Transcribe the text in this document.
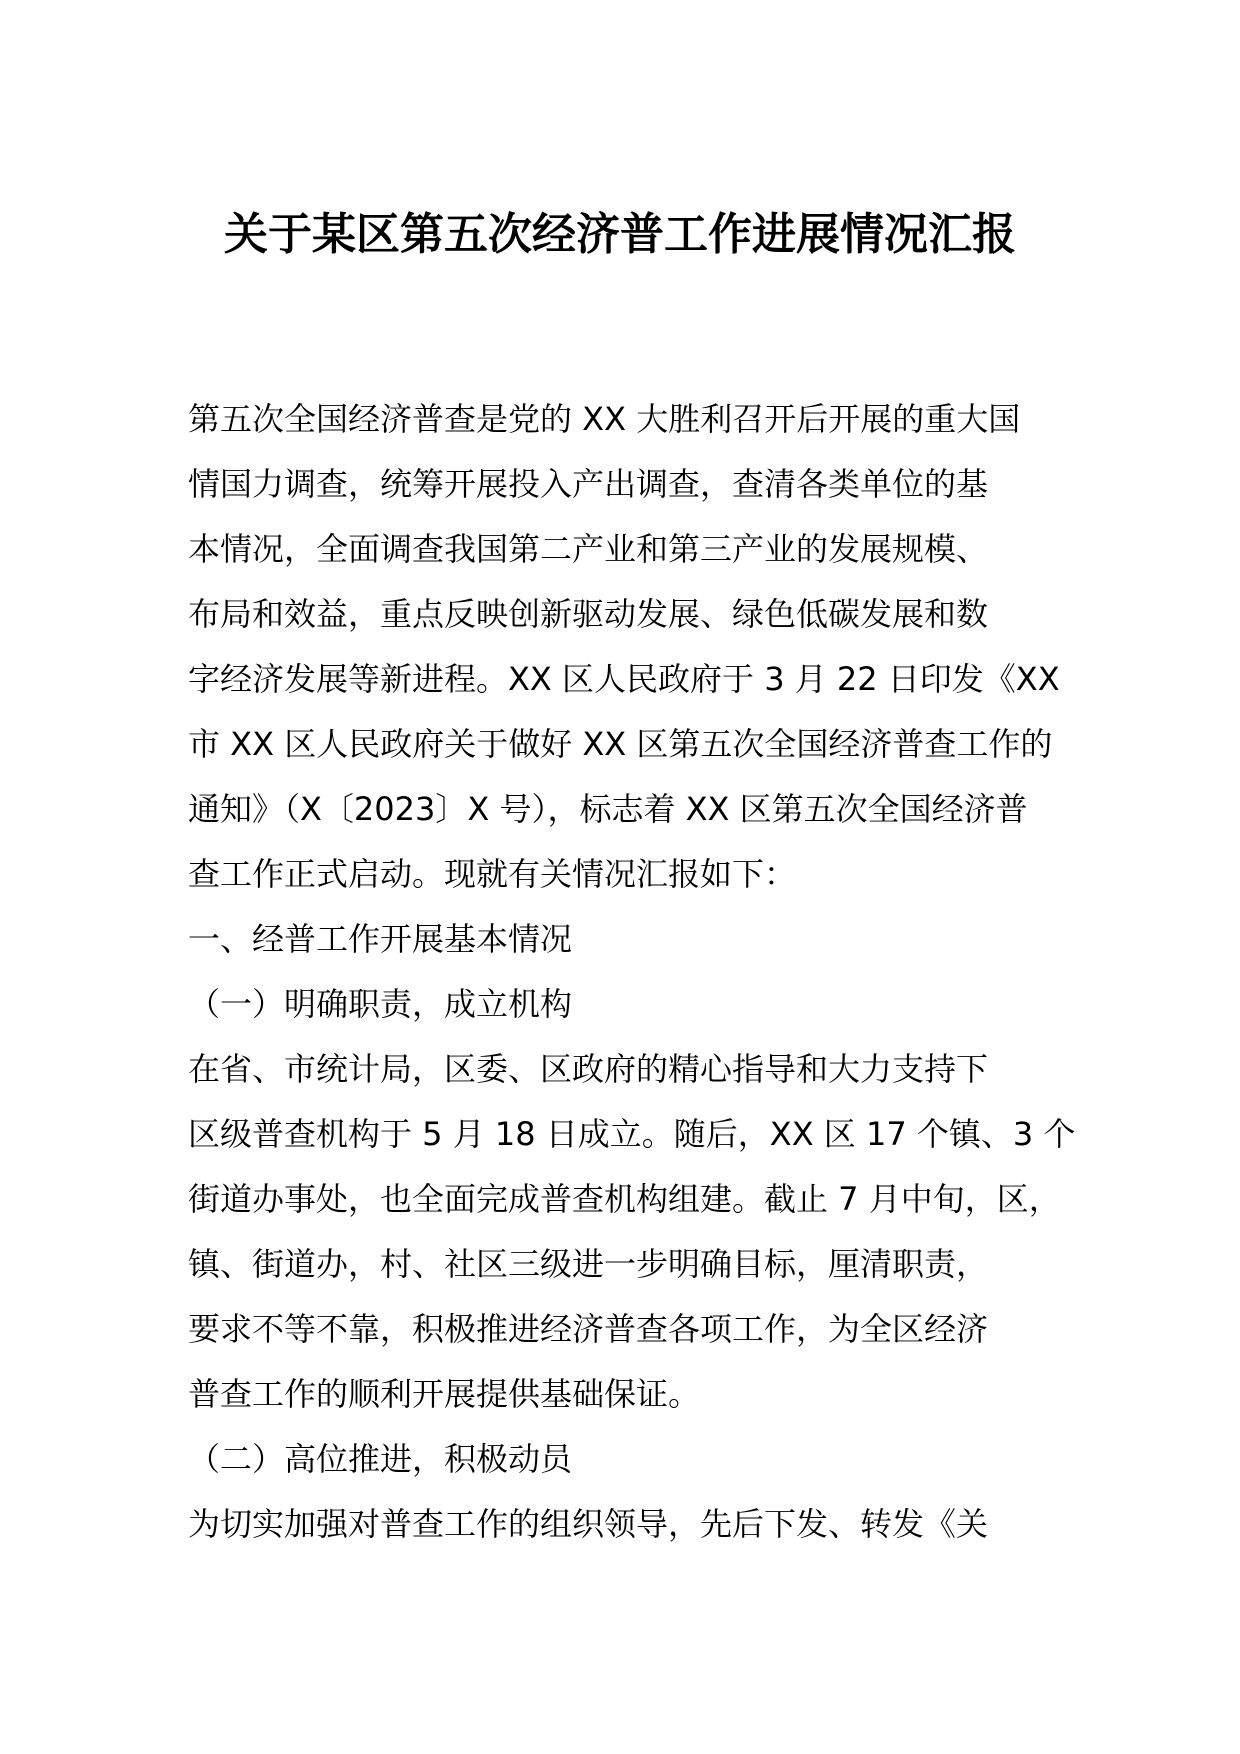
关于某区第五次经济普工作进展情况汇报
第五次全国经济普查是党的 XX 大胜利召开后开展的重大国
情国力调查，统筹开展投入产出调查，查清各类单位的基
本情况，全面调查我国第二产业和第三产业的发展规模、
布局和效益，重点反映创新驱动发展、绿色低碳发展和数
字经济发展等新进程。XX 区人民政府于 3 月 22 日印发《XX
市 XX 区人民政府关于做好 XX 区第五次全国经济普查工作的
通知》（X〔2023〕X 号），标志着 XX 区第五次全国经济普
查工作正式启动。现就有关情况汇报如下：
一、经普工作开展基本情况
（一）明确职责，成立机构
在省、市统计局，区委、区政府的精心指导和大力支持下
区级普查机构于 5 月 18 日成立。随后，XX 区 17 个镇、3 个
街道办事处，也全面完成普查机构组建。截止 7 月中旬，区，
镇、街道办，村、社区三级进一步明确目标，厘清职责，
要求不等不靠，积极推进经济普查各项工作，为全区经济
普查工作的顺利开展提供基础保证。
（二）高位推进，积极动员
为切实加强对普查工作的组织领导，先后下发、转发《关
